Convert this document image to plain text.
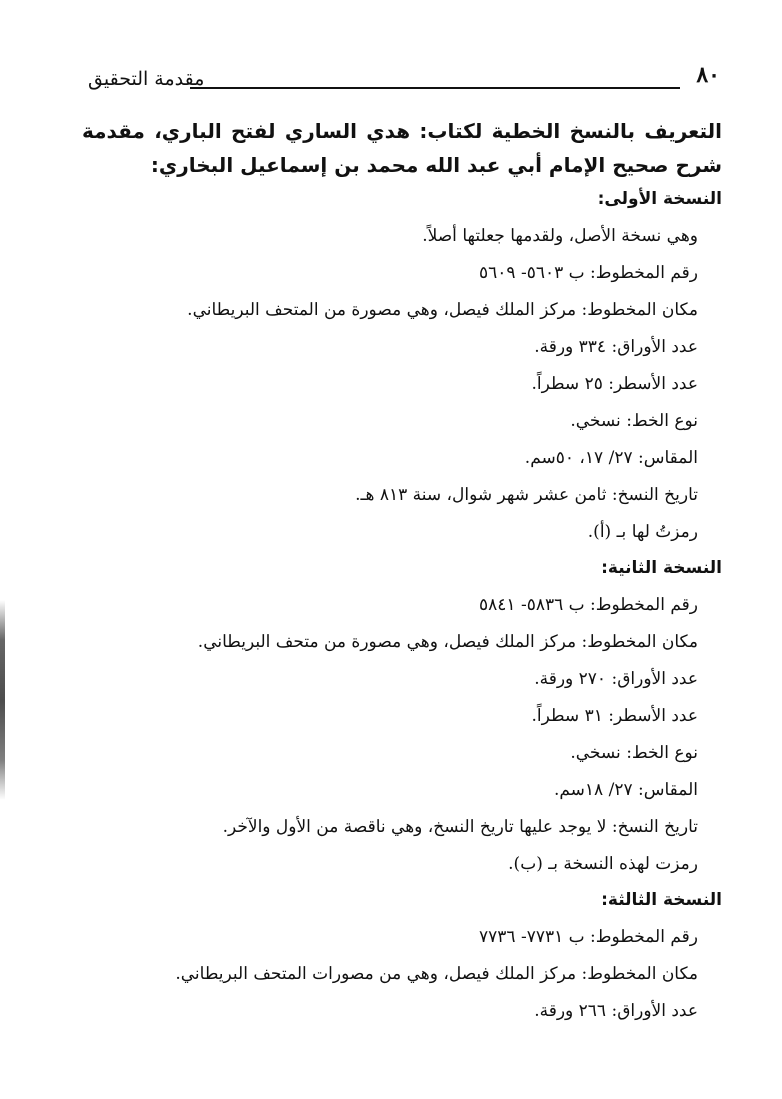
٨٠
مقدمة التحقيق

التعريف بالنسخ الخطية لكتاب: هدي الساري لفتح الباري، مقدمة شرح صحيح الإمام أبي عبد الله محمد بن إسماعيل البخاري:

النسخة الأولى:

وهي نسخة الأصل، ولقدمها جعلتها أصلاً.

رقم المخطوط: ب ٥٦٠٣- ٥٦٠٩

مكان المخطوط: مركز الملك فيصل، وهي مصورة من المتحف البريطاني.

عدد الأوراق: ٣٣٤ ورقة.

عدد الأسطر: ٢٥ سطراً.

نوع الخط: نسخي.

المقاس: ٢٧/ ١٧، ٥٠سم.

تاريخ النسخ: ثامن عشر شهر شوال، سنة ٨١٣ هـ.

رمزتُ لها بـ (أ).

النسخة الثانية:

رقم المخطوط: ب ٥٨٣٦- ٥٨٤١

مكان المخطوط: مركز الملك فيصل، وهي مصورة من متحف البريطاني.

عدد الأوراق: ٢٧٠ ورقة.

عدد الأسطر: ٣١ سطراً.

نوع الخط: نسخي.

المقاس: ٢٧/ ١٨سم.

تاريخ النسخ: لا يوجد عليها تاريخ النسخ، وهي ناقصة من الأول والآخر.

رمزت لهذه النسخة بـ (ب).

النسخة الثالثة:

رقم المخطوط: ب ٧٧٣١- ٧٧٣٦

مكان المخطوط: مركز الملك فيصل، وهي من مصورات المتحف البريطاني.

عدد الأوراق: ٢٦٦ ورقة.
